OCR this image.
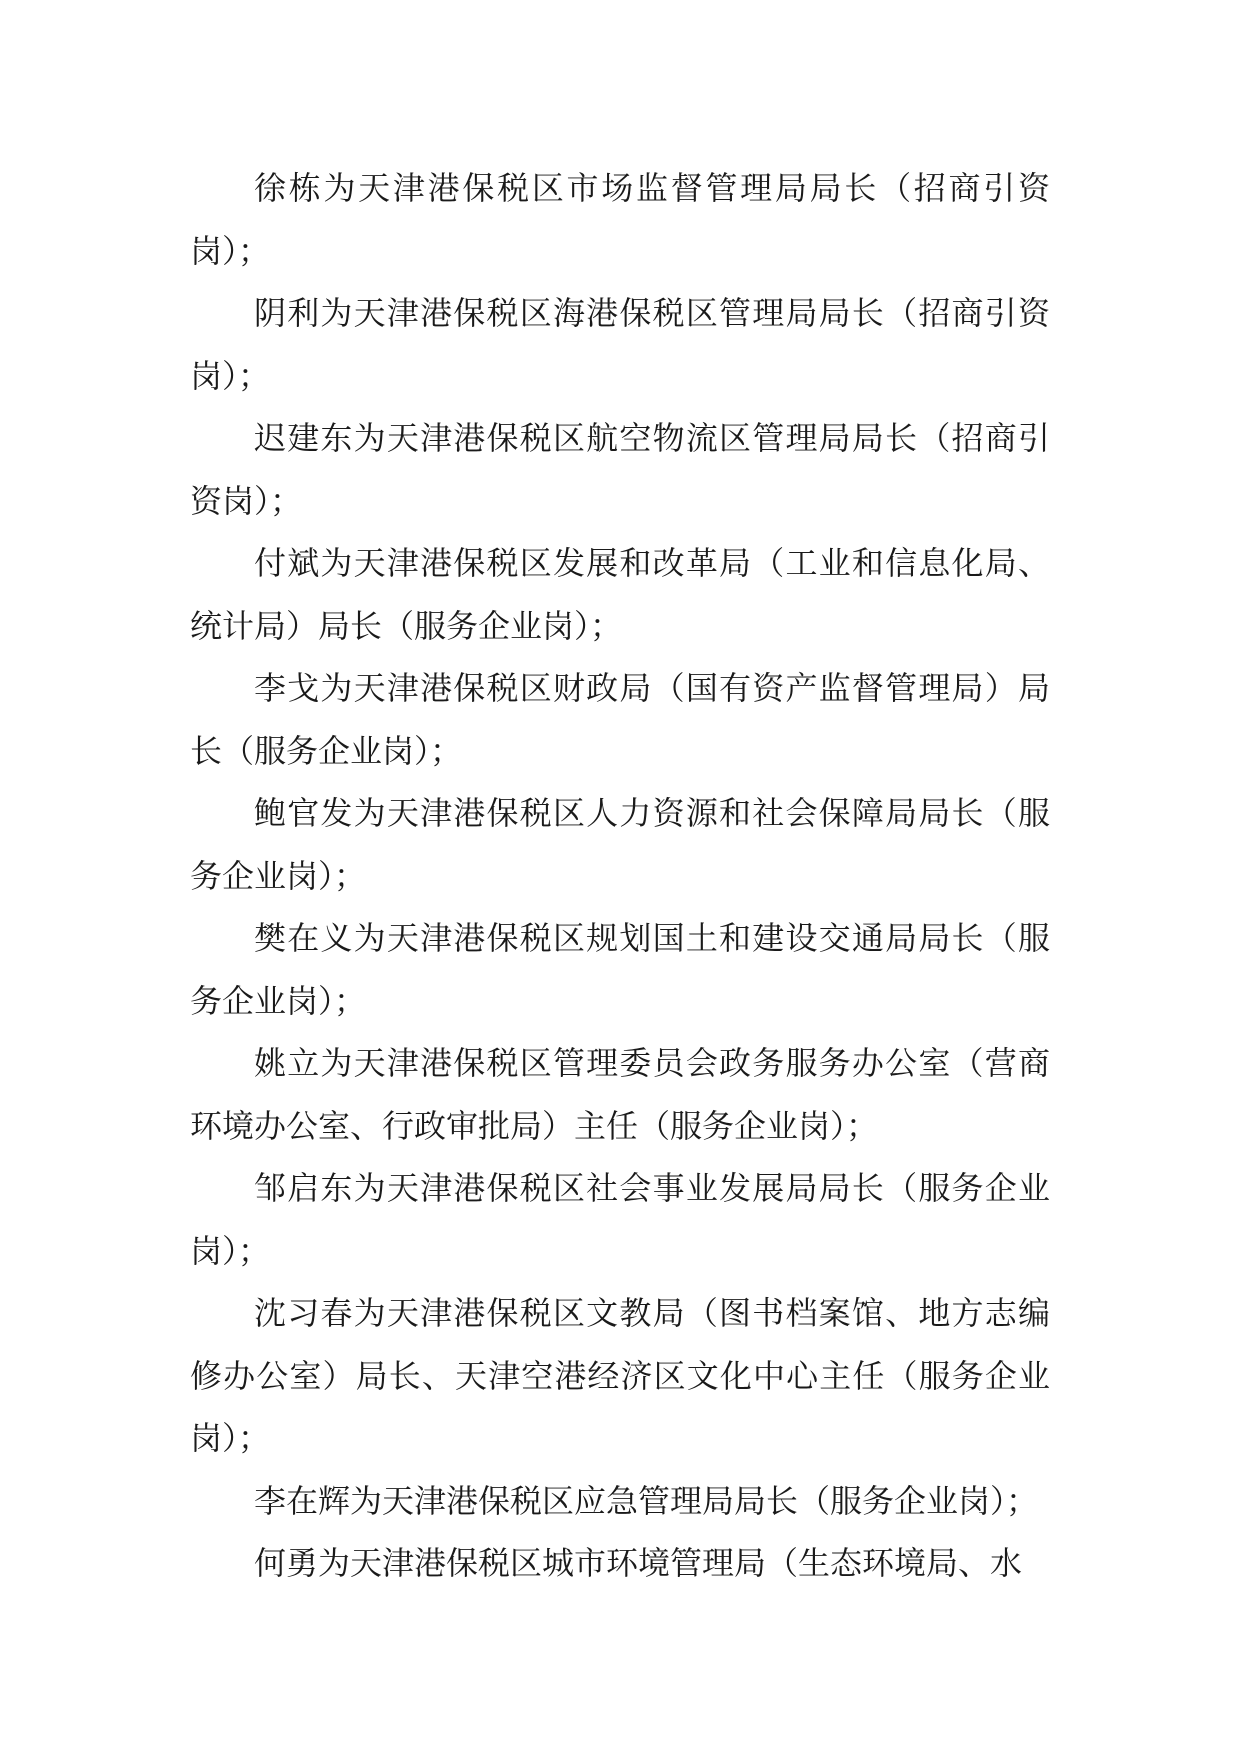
徐栋为天津港保税区市场监督管理局局长（招商引资岗）；

阴利为天津港保税区海港保税区管理局局长（招商引资岗）；

迟建东为天津港保税区航空物流区管理局局长（招商引资岗）；

付斌为天津港保税区发展和改革局（工业和信息化局、统计局）局长（服务企业岗）；

李戈为天津港保税区财政局（国有资产监督管理局）局长（服务企业岗）；

鲍官发为天津港保税区人力资源和社会保障局局长（服务企业岗）；

樊在义为天津港保税区规划国土和建设交通局局长（服务企业岗）；

姚立为天津港保税区管理委员会政务服务办公室（营商环境办公室、行政审批局）主任（服务企业岗）；

邹启东为天津港保税区社会事业发展局局长（服务企业岗）；

沈习春为天津港保税区文教局（图书档案馆、地方志编修办公室）局长、天津空港经济区文化中心主任（服务企业岗）；

李在辉为天津港保税区应急管理局局长（服务企业岗）；

何勇为天津港保税区城市环境管理局（生态环境局、水
